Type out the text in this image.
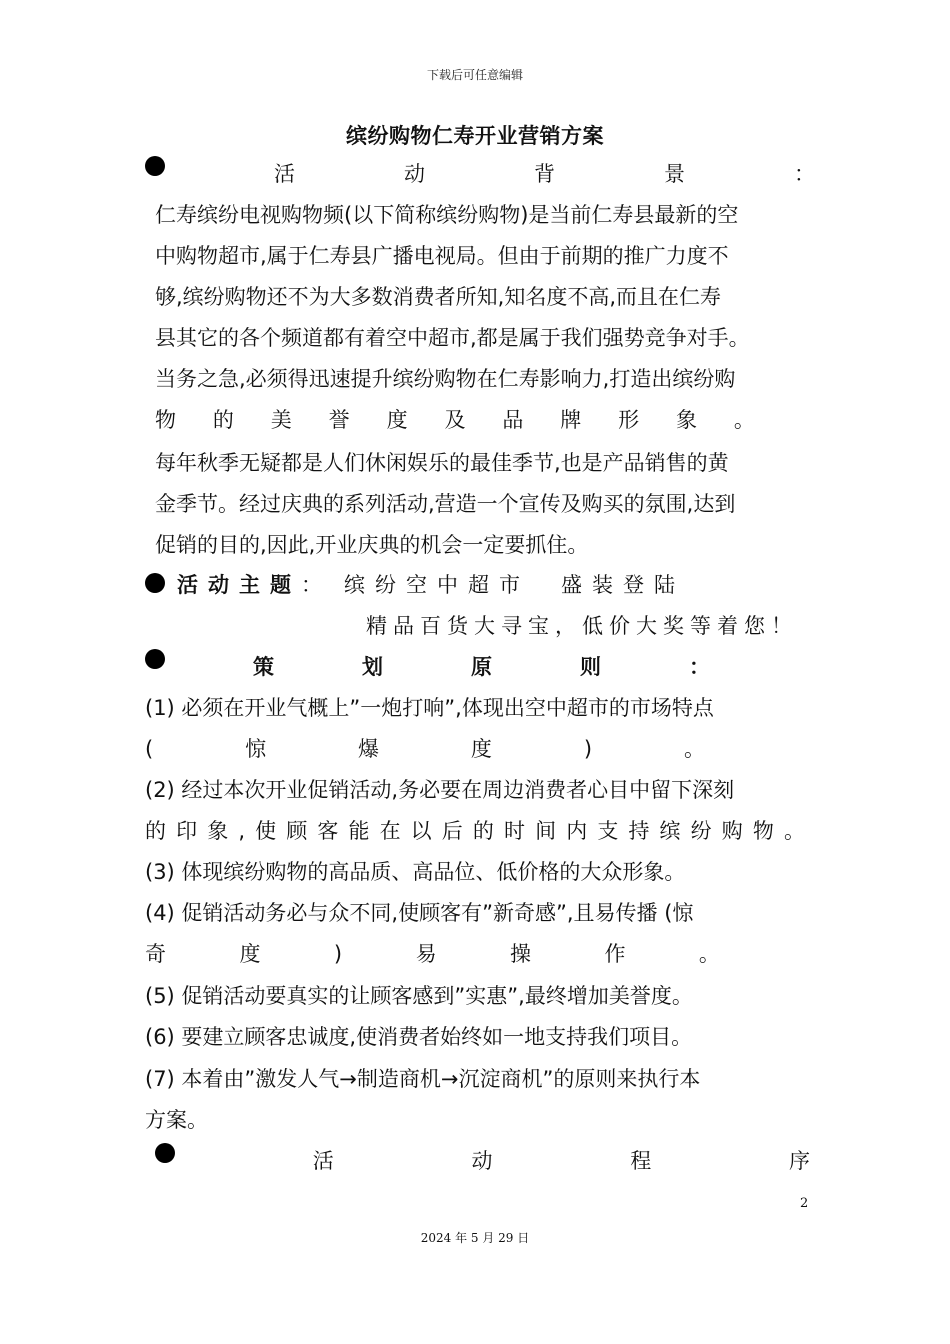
下载后可任意编辑
缤纷购物仁寿开业营销方案
活	动	背	景	：
仁寿缤纷电视购物频(以下简称缤纷购物)是当前仁寿县最新的空
中购物超市,属于仁寿县广播电视局。但由于前期的推广力度不
够,缤纷购物还不为大多数消费者所知,知名度不高,而且在仁寿
县其它的各个频道都有着空中超市,都是属于我们强势竞争对手。
当务之急,必须得迅速提升缤纷购物在仁寿影响力,打造出缤纷购
物 的 美 誉 度 及 品 牌 形 象 。
每年秋季无疑都是人们休闲娱乐的最佳季节,也是产品销售的黄
金季节。经过庆典的系列活动,营造一个宣传及购买的氛围,达到
促销的目的,因此,开业庆典的机会一定要抓住。
活动主题 ： 缤纷空中超市　盛装登陆
精品百货大寻宝，低价大奖等着您！
策	划	原	则	：
(1) 必须在开业气概上”一炮打响”,体现出空中超市的市场特点
(	惊	爆	度	)	。
(2) 经过本次开业促销活动,务必要在周边消费者心目中留下深刻
的 印 象 , 使 顾 客 能 在 以 后 的 时 间 内 支 持 缤 纷 购 物 。
(3) 体现缤纷购物的高品质、高品位、低价格的大众形象。
(4) 促销活动务必与众不同,使顾客有”新奇感”,且易传播 (惊
奇	度	)	易	操	作	。
(5) 促销活动要真实的让顾客感到”实惠”,最终增加美誉度。
(6) 要建立顾客忠诚度,使消费者始终如一地支持我们项目。
(7) 本着由”激发人气→制造商机→沉淀商机”的原则来执行本
方案。
活	动	程	序
2
2024 年 5 月 29 日
